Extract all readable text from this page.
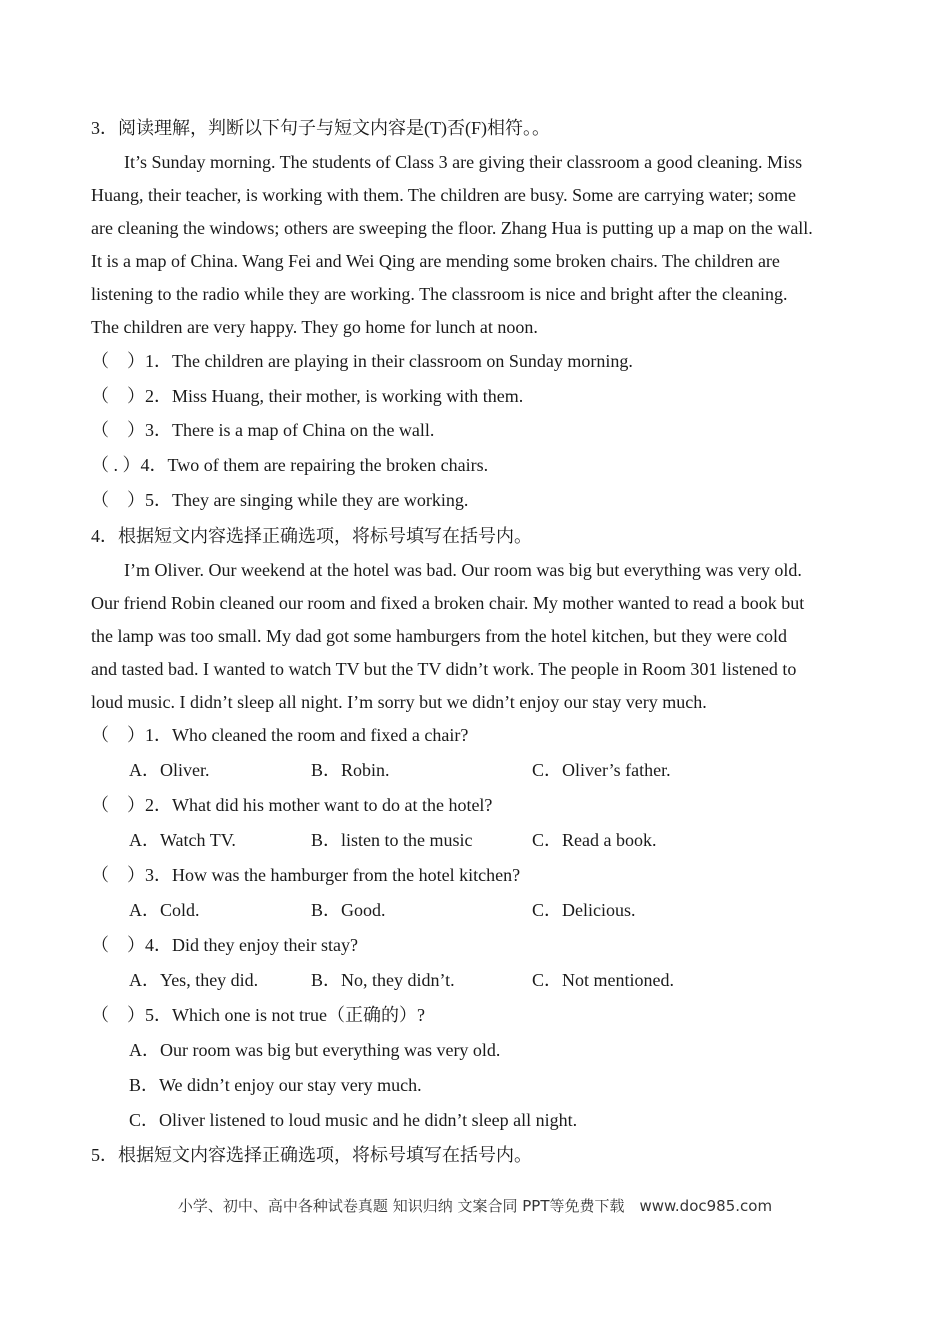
3．阅读理解，判断以下句子与短文内容是(T)否(F)相符。。
It’s Sunday morning. The students of Class 3 are giving their classroom a good cleaning. Miss
Huang, their teacher, is working with them. The children are busy. Some are carrying water; some
are cleaning the windows; others are sweeping the floor. Zhang Hua is putting up a map on the wall.
It is a map of China. Wang Fei and Wei Qing are mending some broken chairs. The children are
listening to the radio while they are working. The classroom is nice and bright after the cleaning.
The children are very happy. They go home for lunch at noon.
（　）1．The children are playing in their classroom on Sunday morning.
（　）2．Miss Huang, their mother, is working with them.
（　）3．There is a map of China on the wall.
（ . ）4．Two of them are repairing the broken chairs.
（　）5．They are singing while they are working.
4．根据短文内容选择正确选项，将标号填写在括号内。
I’m Oliver. Our weekend at the hotel was bad. Our room was big but everything was very old.
Our friend Robin cleaned our room and fixed a broken chair. My mother wanted to read a book but
the lamp was too small. My dad got some hamburgers from the hotel kitchen, but they were cold
and tasted bad. I wanted to watch TV but the TV didn’t work. The people in Room 301 listened to
loud music. I didn’t sleep all night. I’m sorry but we didn’t enjoy our stay very much.
（　）1．Who cleaned the room and fixed a chair?
A．Oliver.	B．Robin.	C．Oliver’s father.
（　）2．What did his mother want to do at the hotel?
A．Watch TV.	B．listen to the music	C．Read a book.
（　）3．How was the hamburger from the hotel kitchen?
A．Cold.	B．Good.	C．Delicious.
（　）4．Did they enjoy their stay?
A．Yes, they did.	B．No, they didn’t.	C．Not mentioned.
（　）5．Which one is not true（正确的）?
A．Our room was big but everything was very old.
B．We didn’t enjoy our stay very much.
C．Oliver listened to loud music and he didn’t sleep all night.
5．根据短文内容选择正确选项，将标号填写在括号内。
小学、初中、高中各种试卷真题 知识归纳 文案合同 PPT等免费下载　www.doc985.com
